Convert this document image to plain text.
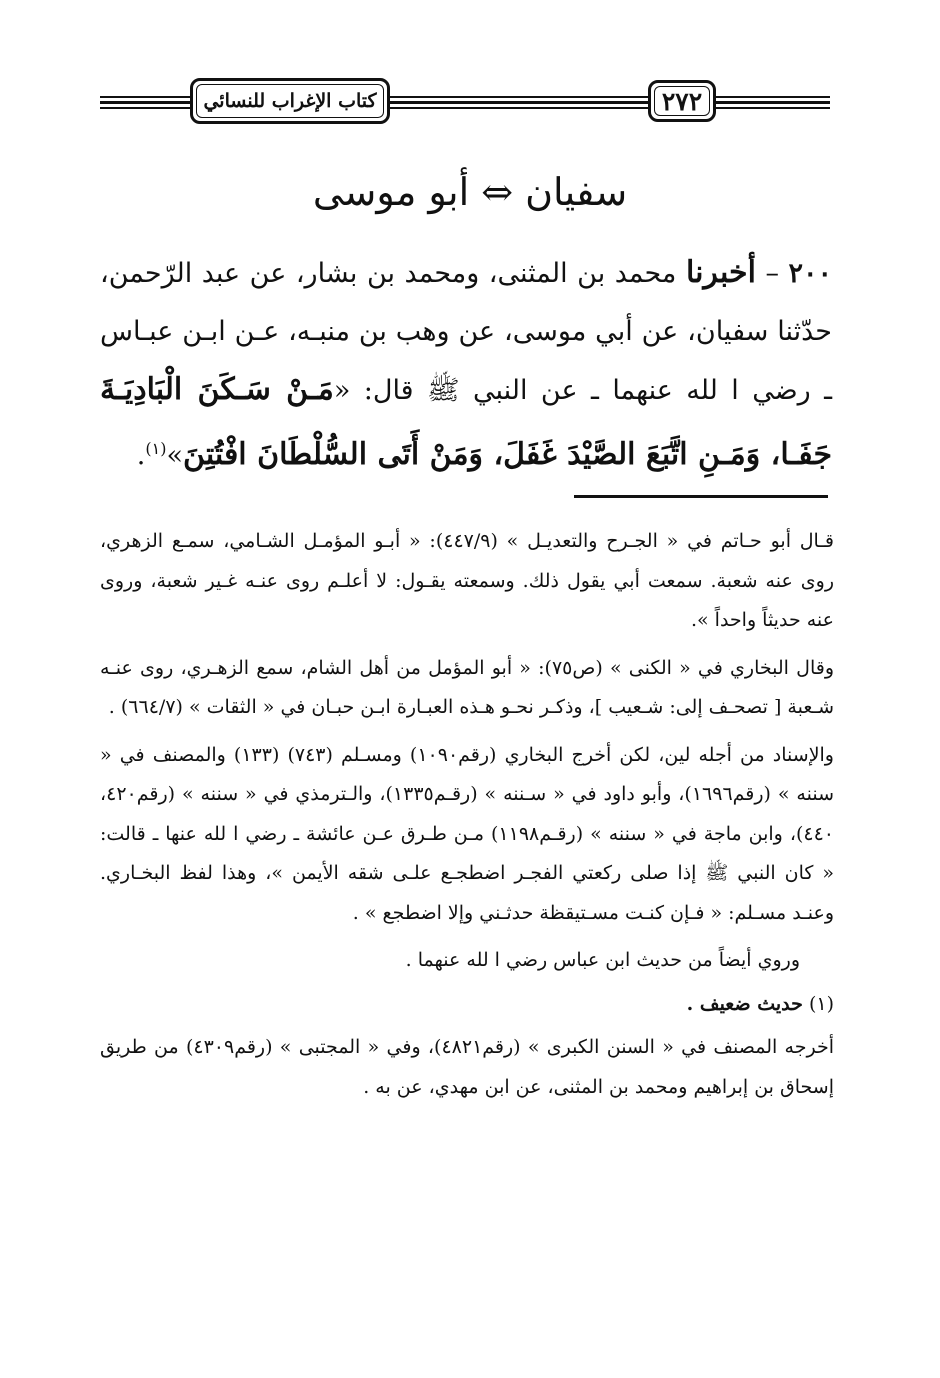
كتاب الإغراب للنسائي	٢٧٢
سفيان ⇔ أبو موسى
٢٠٠ – أخبرنا محمد بن المثنى، ومحمد بن بشار، عن عبد الرّحمن، حدّثنا سفيان، عن أبي موسى، عن وهب بن منبـه، عـن ابـن عبـاس ـ رضي ا لله عنهما ـ عن النبي ﷺ قال: «مَـنْ سَـكَنَ الْبَادِيَـةَ جَفَـا، وَمَـنِ اتَّبَعَ الصَّيْدَ غَفَلَ، وَمَنْ أَتَى السُّلْطَانَ افْتُتِنَ»$^{(١)}$.

قـال أبو حـاتم في « الجـرح والتعديـل » (٤٤٧/٩): « أبـو المؤمـل الشـامي، سمـع الزهري، روى عنه شعبة. سمعت أبي يقول ذلك. وسمعته يقـول: لا أعلـم روى عنـه غـير شعبة، وروى عنه حديثاً واحداً ».

وقال البخاري في « الكنى » (ص٧٥): « أبو المؤمل من أهل الشام، سمع الزهـري، روى عنـه شـعبة [ تصحـف إلى: شـعيب ]، وذكـر نحـو هـذه العبـارة ابـن حبـان في « الثقات » (٦٦٤/٧) .

والإسناد من أجله لين، لكن أخرج البخاري (رقم١٠٩٠) ومسـلم (٧٤٣) (١٣٣) والمصنف في « سننه » (رقم١٦٩٦)، وأبو داود في « سـننه » (رقـم١٣٣٥)، والـترمذي في « سننه » (رقم٤٢٠، ٤٤٠)، وابن ماجة في « سننه » (رقـم١١٩٨) مـن طـرق عـن عائشة ـ رضي ا لله عنها ـ قالت: « كان النبي ﷺ إذا صلى ركعتي الفجـر اضطجـع علـى شقه الأيمن »، وهذا لفظ البخـاري. وعنـد مسـلم: « فـإن كنـت مسـتيقظة حدثـني وإلا اضطجع » .

وروي أيضاً من حديث ابن عباس رضي ا لله عنهما .

(١) حديث ضعيف .

أخرجه المصنف في « السنن الكبرى » (رقم٤٨٢١)، وفي « المجتبى » (رقم٤٣٠٩) من طريق إسحاق بن إبراهيم ومحمد بن المثنى، عن ابن مهدي، عن به .
